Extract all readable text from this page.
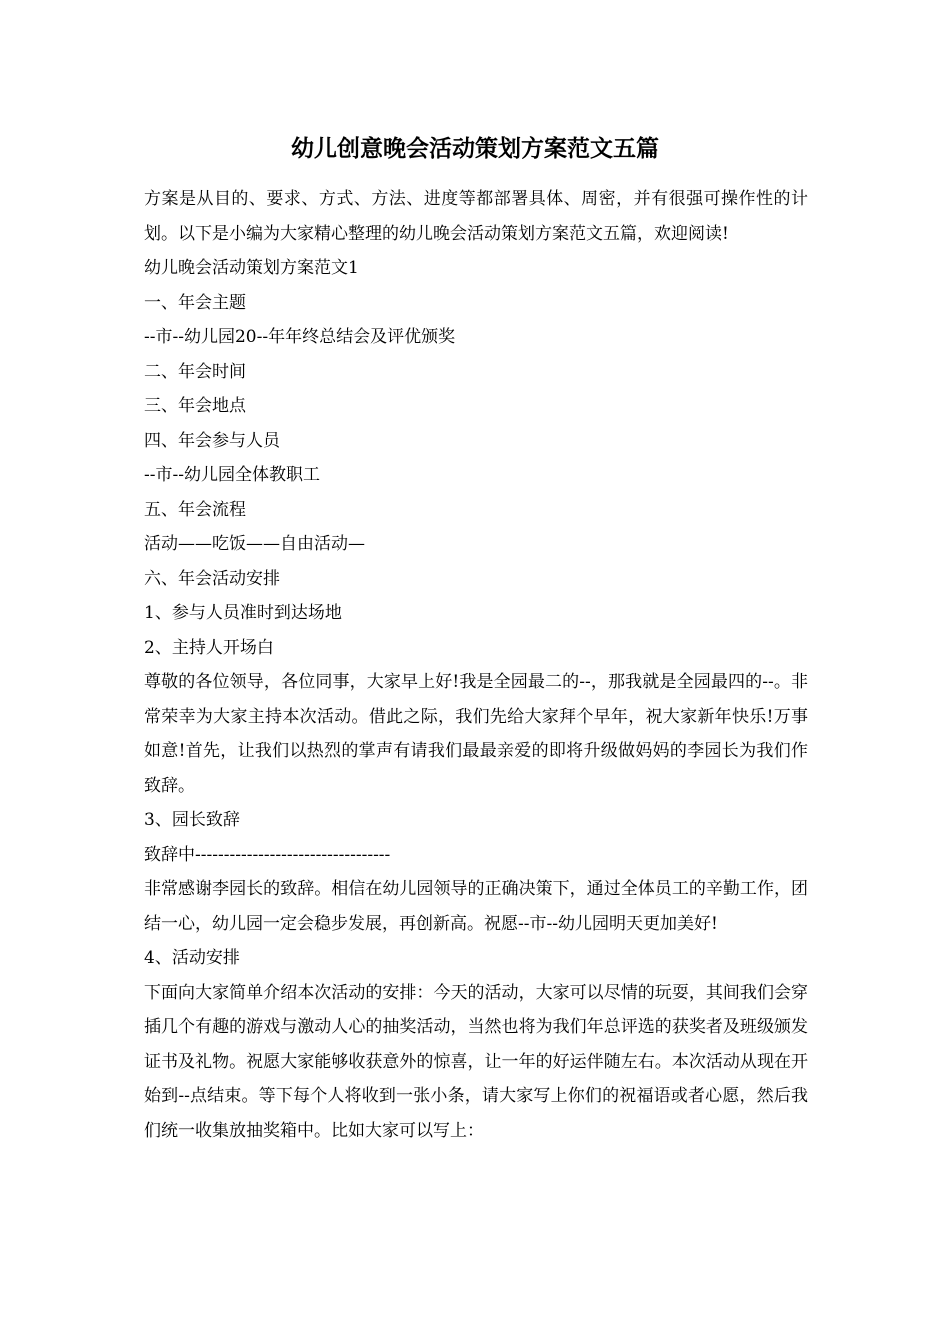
幼儿创意晚会活动策划方案范文五篇

方案是从目的、要求、方式、方法、进度等都部署具体、周密，并有很强可操作性的计划。以下是小编为大家精心整理的幼儿晚会活动策划方案范文五篇，欢迎阅读!

幼儿晚会活动策划方案范文1

一、年会主题

--市--幼儿园20--年年终总结会及评优颁奖

二、年会时间

三、年会地点

四、年会参与人员

--市--幼儿园全体教职工

五、年会流程

活动——吃饭——自由活动—

六、年会活动安排

1、参与人员准时到达场地

2、主持人开场白

尊敬的各位领导，各位同事，大家早上好!我是全园最二的--，那我就是全园最四的--。非常荣幸为大家主持本次活动。借此之际，我们先给大家拜个早年，祝大家新年快乐!万事如意!首先，让我们以热烈的掌声有请我们最最亲爱的即将升级做妈妈的李园长为我们作致辞。

3、园长致辞

致辞中----------------------------------

非常感谢李园长的致辞。相信在幼儿园领导的正确决策下，通过全体员工的辛勤工作，团结一心，幼儿园一定会稳步发展，再创新高。祝愿--市--幼儿园明天更加美好!

4、活动安排

下面向大家简单介绍本次活动的安排：今天的活动，大家可以尽情的玩耍，其间我们会穿插几个有趣的游戏与激动人心的抽奖活动，当然也将为我们年总评选的获奖者及班级颁发证书及礼物。祝愿大家能够收获意外的惊喜，让一年的好运伴随左右。本次活动从现在开始到--点结束。等下每个人将收到一张小条，请大家写上你们的祝福语或者心愿，然后我们统一收集放抽奖箱中。比如大家可以写上：
